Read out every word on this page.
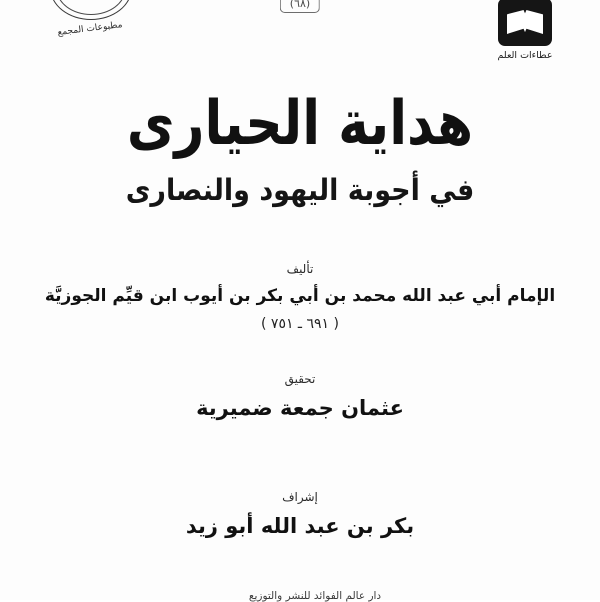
(٦٨)
مطبوعات المجمع
عطاءات العلم
هداية الحيارى
في أجوبة اليهود والنصارى
تأليف
الإمام أبي عبد الله محمد بن أبي بكر بن أيوب ابن قيِّم الجوزيَّة
( ٦٩١ ـ ٧٥١ )
تحقيق
عثمان جمعة ضميرية
إشراف
بكر بن عبد الله أبو زيد
دار عالم الفوائد للنشر والتوزيع
